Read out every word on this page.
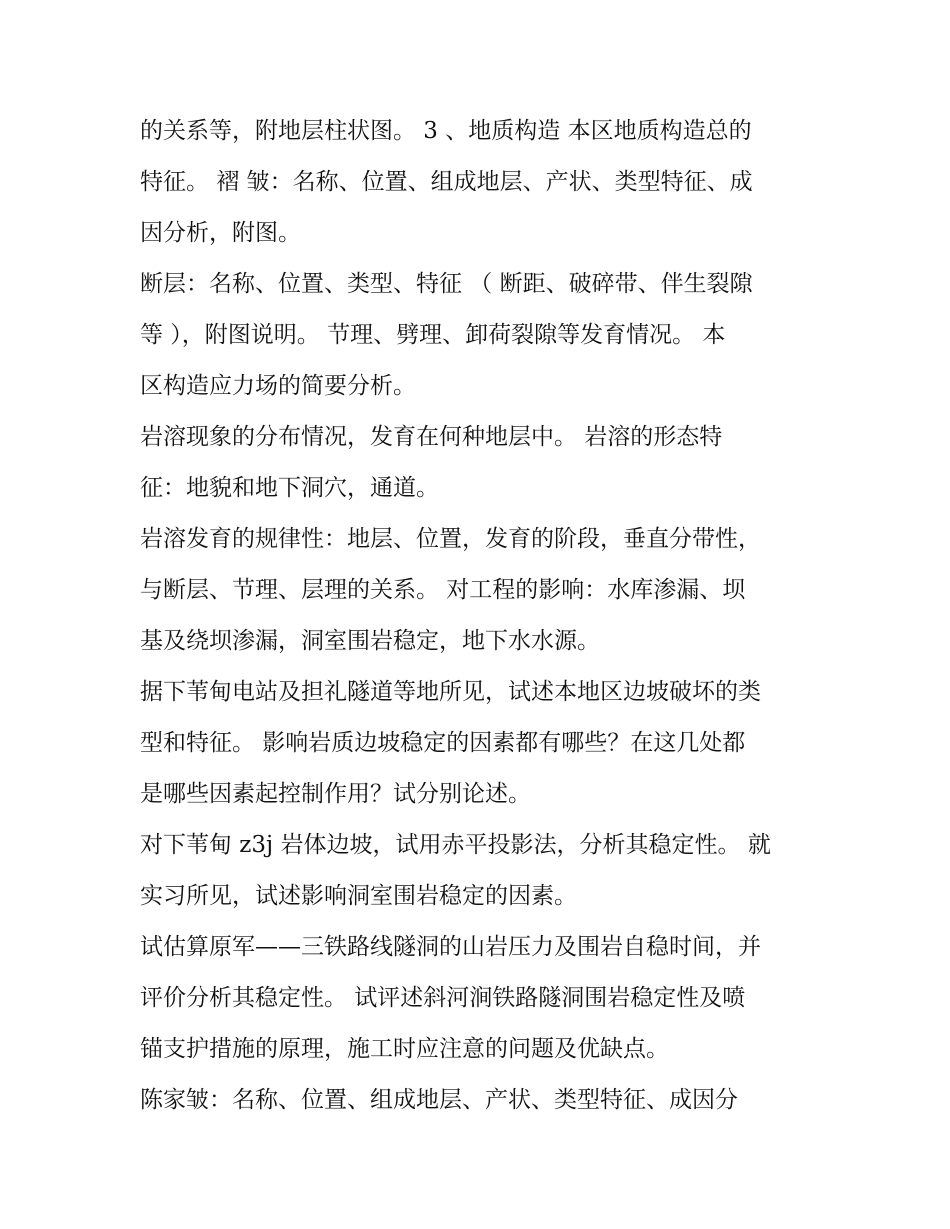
的关系等，附地层柱状图。 3 、地质构造 本区地质构造总的
特征。 褶 皱：名称、位置、组成地层、产状、类型特征、成
因分析，附图。
断层：名称、位置、类型、特征 （ 断距、破碎带、伴生裂隙
等 ），附图说明。 节理、劈理、卸荷裂隙等发育情况。 本
区构造应力场的简要分析。
岩溶现象的分布情况，发育在何种地层中。 岩溶的形态特
征：地貌和地下洞穴，通道。
岩溶发育的规律性：地层、位置，发育的阶段，垂直分带性，
与断层、节理、层理的关系。 对工程的影响：水库渗漏、坝
基及绕坝渗漏，洞室围岩稳定，地下水水源。
据下苇甸电站及担礼隧道等地所见，试述本地区边坡破坏的类
型和特征。 影响岩质边坡稳定的因素都有哪些？在这几处都
是哪些因素起控制作用？试分别论述。
对下苇甸 z3j 岩体边坡，试用赤平投影法，分析其稳定性。 就
实习所见，试述影响洞室围岩稳定的因素。
试估算原军——三铁路线隧洞的山岩压力及围岩自稳时间，并
评价分析其稳定性。 试评述斜河涧铁路隧洞围岩稳定性及喷
锚支护措施的原理，施工时应注意的问题及优缺点。
陈家皱：名称、位置、组成地层、产状、类型特征、成因分
